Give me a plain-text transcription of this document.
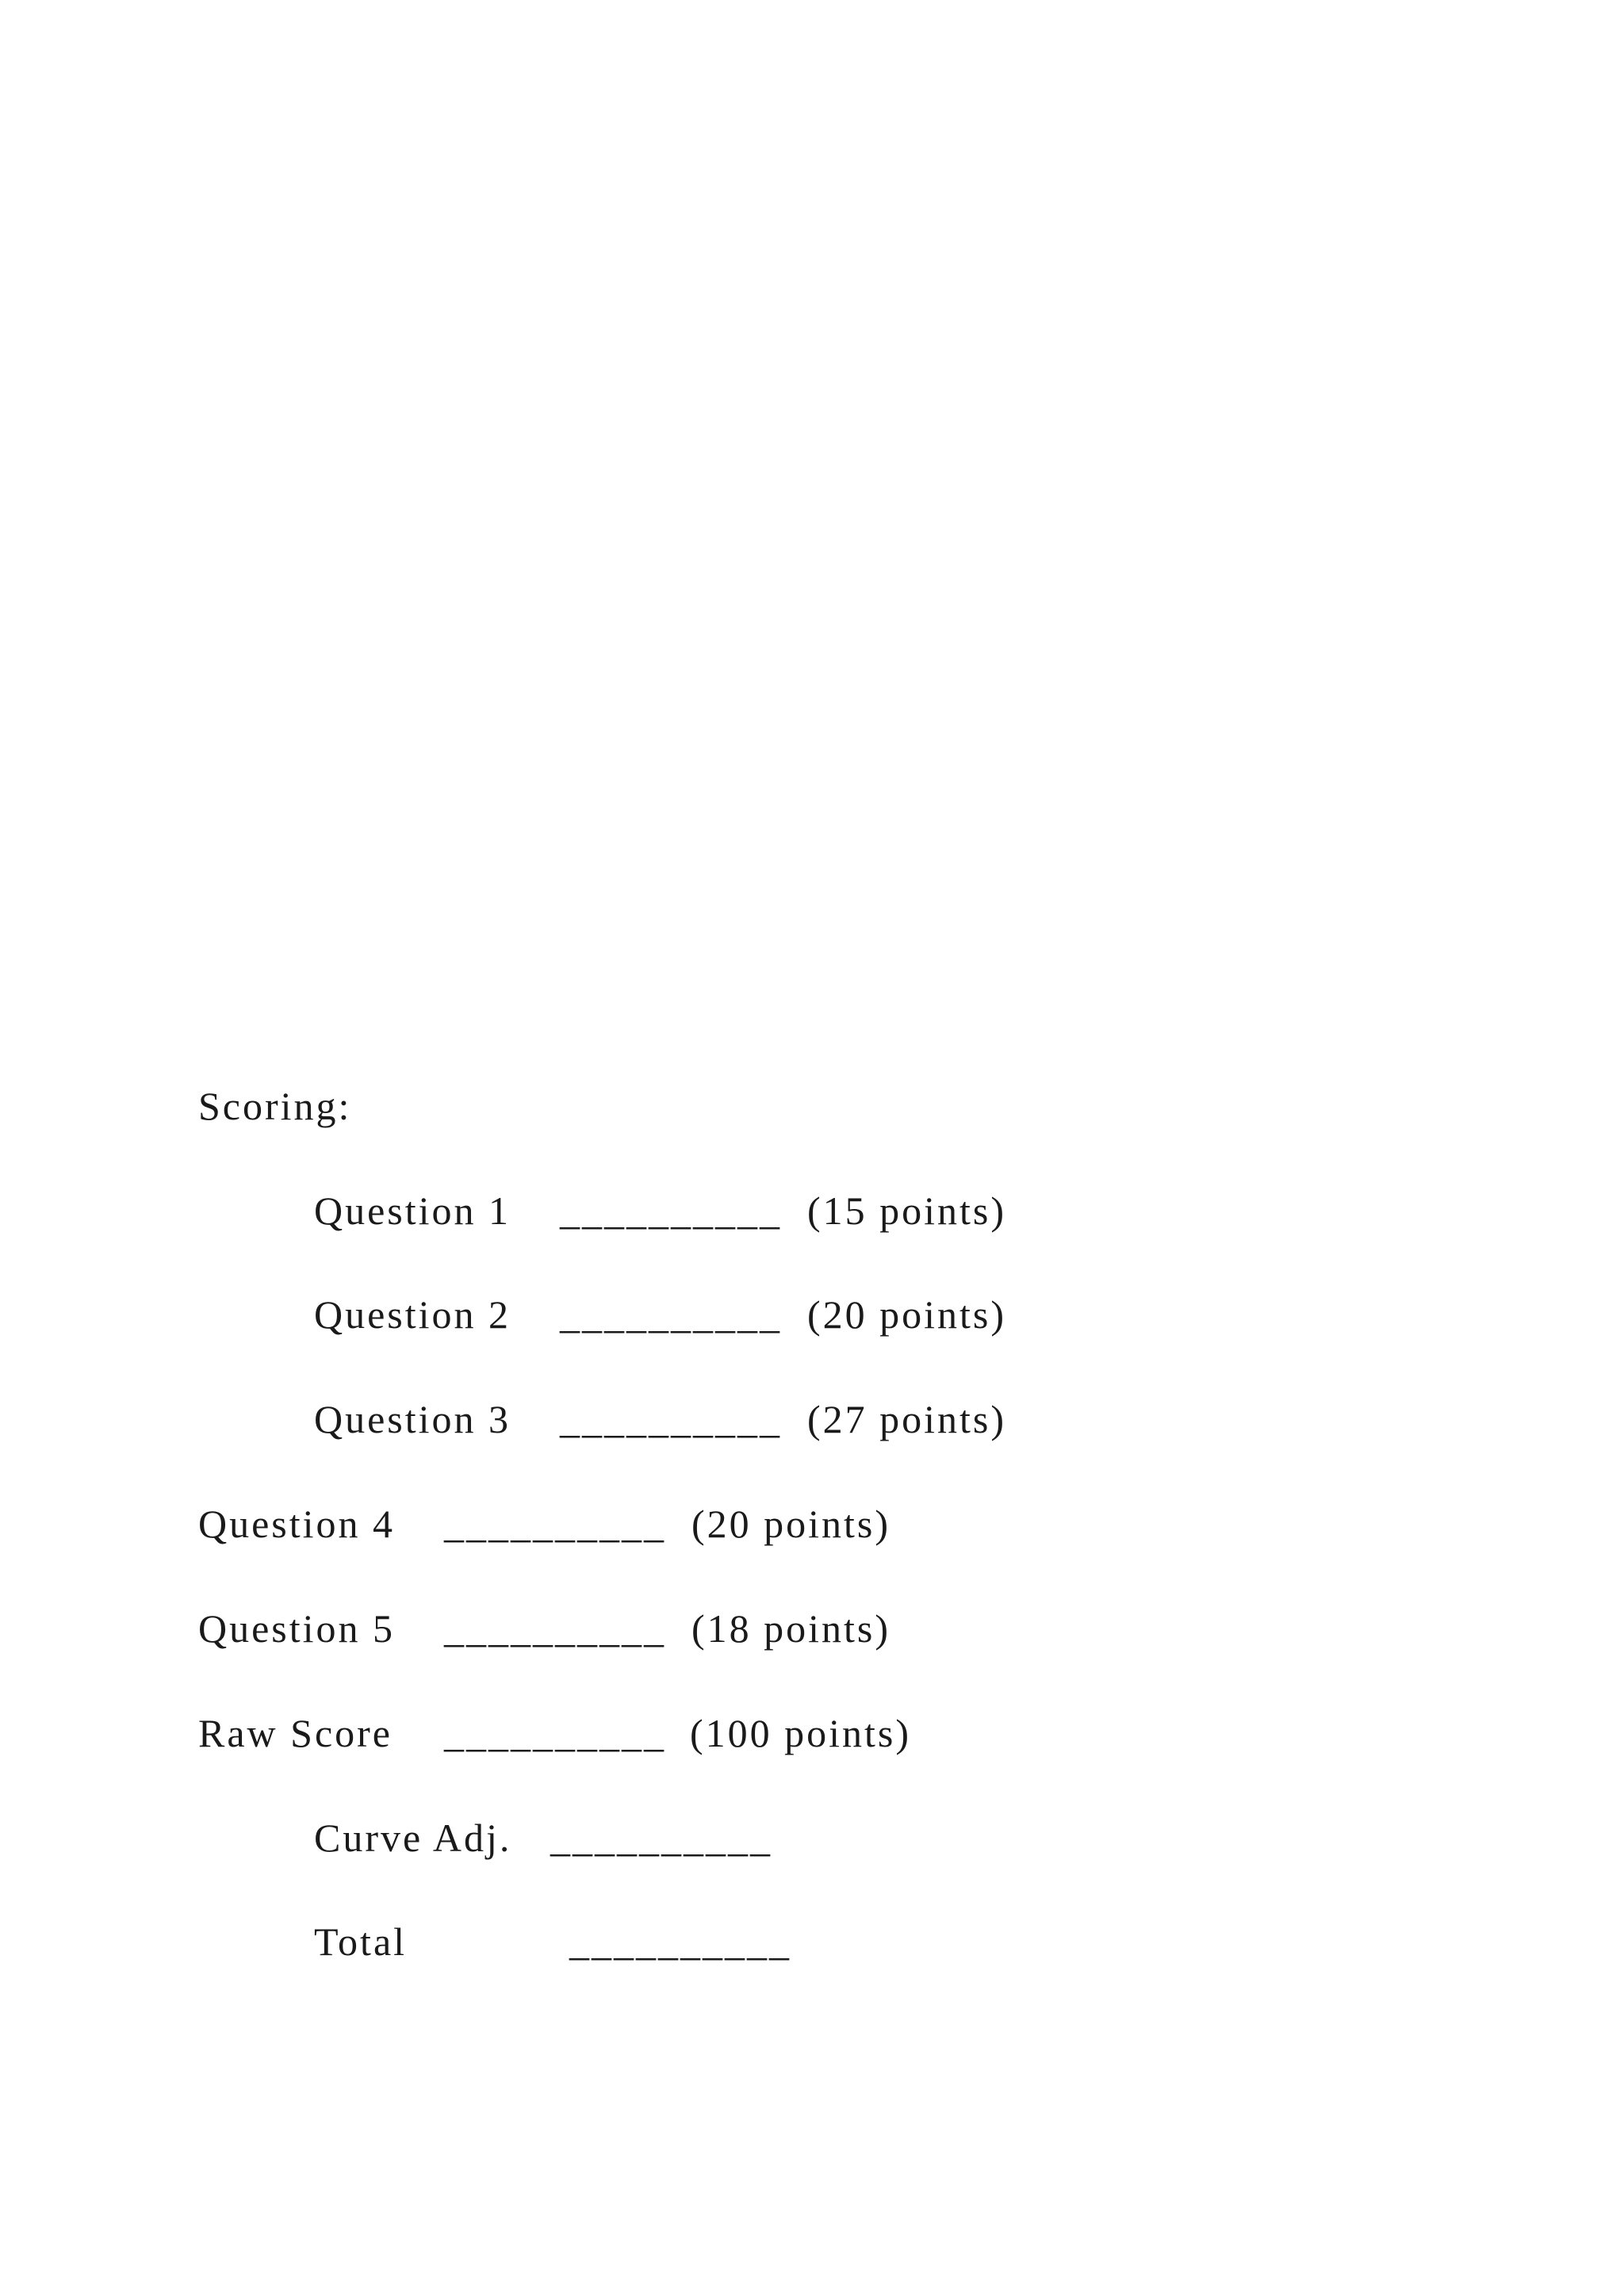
Scoring:
Question 1 __________ (15 points)
Question 2 __________ (20 points)
Question 3 __________ (27 points)
Question 4 __________ (20 points)
Question 5 __________ (18 points)
Raw Score __________ (100 points)
Curve Adj. __________
Total	__________
